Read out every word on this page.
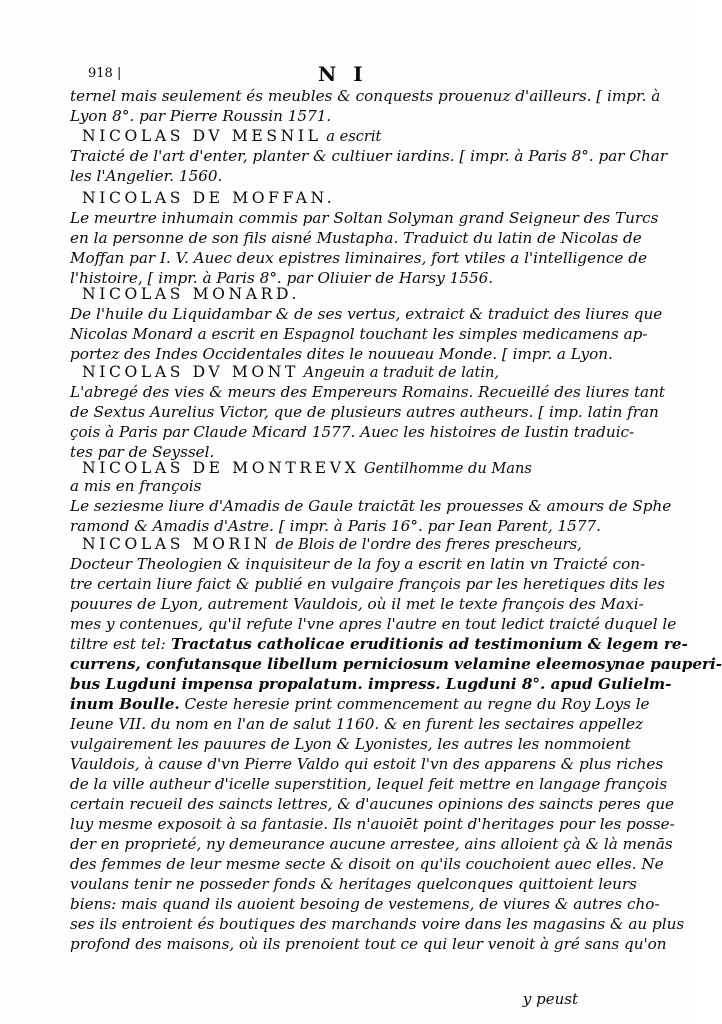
918 |	N I
ternel mais seulement és meubles & conquests prouenuz d'ailleurs. [ impr. à
Lyon 8°. par Pierre Roussin 1571.
NICOLAS DV MESNIL a escrit
Traicté de l'art d'enter, planter & cultiuer iardins. [ impr. à Paris 8°. par Char
les l'Angelier. 1560.
NICOLAS DE MOFFAN.
Le meurtre inhumain commis par Soltan Solyman grand Seigneur des Turcs
en la personne de son fils aisné Mustapha. Traduict du latin de Nicolas de
Moffan par I. V. Auec deux epistres liminaires, fort vtiles a l'intelligence de
l'histoire, [ impr. à Paris 8°. par Oliuier de Harsy 1556.
NICOLAS MONARD.
De l'huile du Liquidambar & de ses vertus, extraict & traduict des liures que
Nicolas Monard a escrit en Espagnol touchant les simples medicamens ap-
portez des Indes Occidentales dites le nouueau Monde. [ impr. a Lyon.
NICOLAS DV MONT Angeuin a traduit de latin,
L'abregé des vies & meurs des Empereurs Romains. Recueillé des liures tant
de Sextus Aurelius Victor, que de plusieurs autres autheurs. [ imp. latin fran
çois à Paris par Claude Micard 1577. Auec les histoires de Iustin traduic-
tes par de Seyssel.
NICOLAS DE MONTREVX Gentilhomme du Mans
a mis en françois
Le seziesme liure d'Amadis de Gaule traictāt les prouesses & amours de Sphe
ramond & Amadis d'Astre. [ impr. à Paris 16°. par Iean Parent, 1577.
NICOLAS MORIN de Blois de l'ordre des freres prescheurs,
Docteur Theologien & inquisiteur de la foy a escrit en latin vn Traicté con-
tre certain liure faict & publié en vulgaire françois par les heretiques dits les
pouures de Lyon, autrement Vauldois, où il met le texte françois des Maxi-
mes y contenues, qu'il refute l'vne apres l'autre en tout ledict traicté duquel le
tiltre est tel: Tractatus catholicae eruditionis ad testimonium & legem re-
currens, confutansque libellum perniciosum velamine eleemosynae pauperi-
bus Lugduni impensa propalatum. impress. Lugduni 8°. apud Gulielm-
inum Boulle. Ceste heresie print commencement au regne du Roy Loys le
Ieune VII. du nom en l'an de salut 1160. & en furent les sectaires appellez
vulgairement les pauures de Lyon & Lyonistes, les autres les nommoient
Vauldois, à cause d'vn Pierre Valdo qui estoit l'vn des apparens & plus riches
de la ville autheur d'icelle superstition, lequel feit mettre en langage françois
certain recueil des saincts lettres, & d'aucunes opinions des saincts peres que
luy mesme exposoit à sa fantasie. Ils n'auoiēt point d'heritages pour les posse-
der en proprieté, ny demeurance aucune arrestee, ains alloient çà & là menās
des femmes de leur mesme secte & disoit on qu'ils couchoient auec elles. Ne
voulans tenir ne posseder fonds & heritages quelconques quittoient leurs
biens: mais quand ils auoient besoing de vestemens, de viures & autres cho-
ses ils entroient és boutiques des marchands voire dans les magasins & au plus
profond des maisons, où ils prenoient tout ce qui leur venoit à gré sans qu'on
y peust
